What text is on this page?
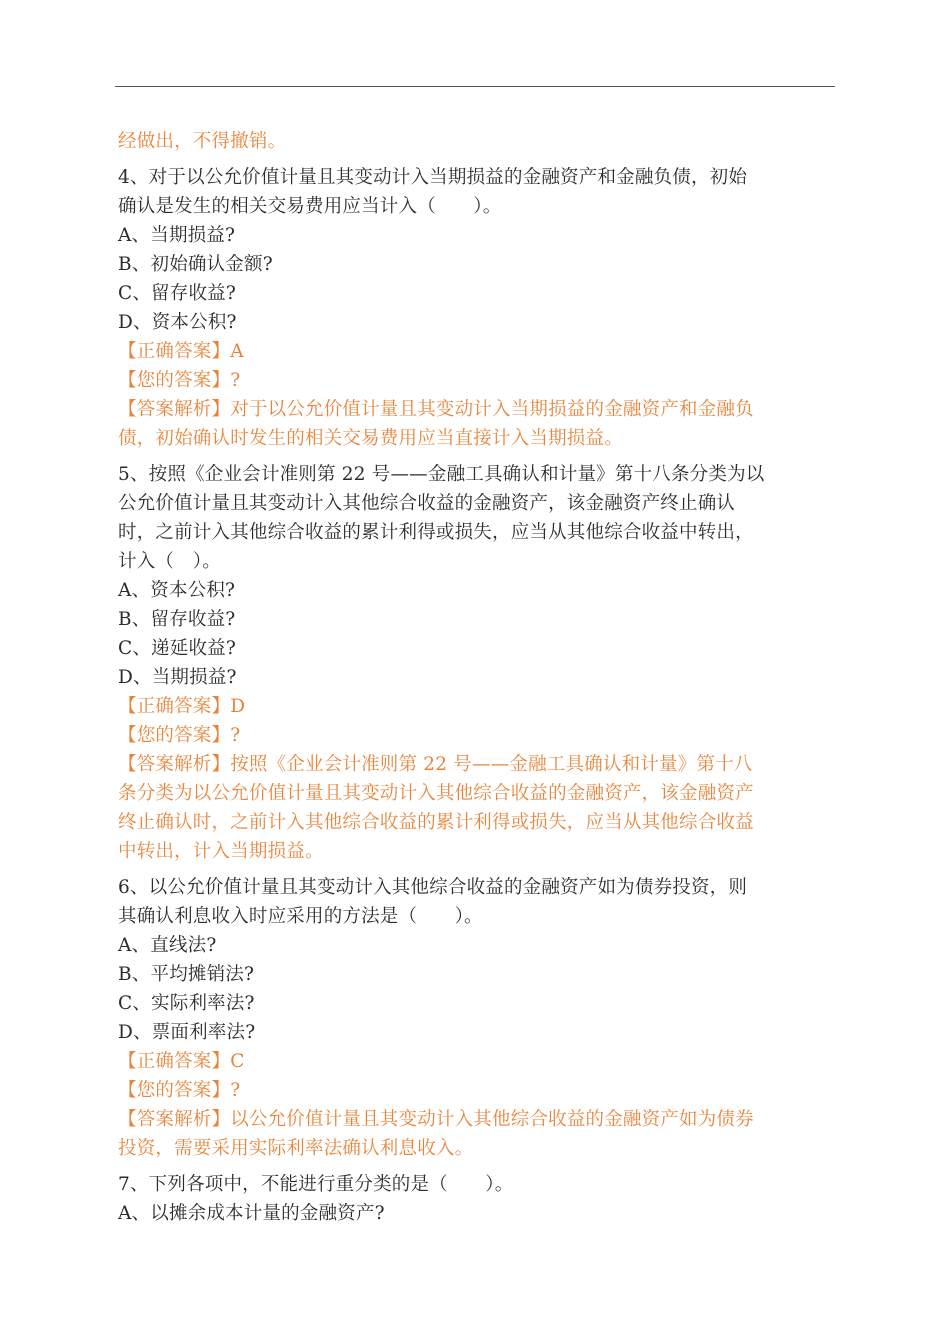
经做出，不得撤销。
4、对于以公允价值计量且其变动计入当期损益的金融资产和金融负债，初始
确认是发生的相关交易费用应当计入（　　）。
A、当期损益?
B、初始确认金额?
C、留存收益?
D、资本公积?
【正确答案】A
【您的答案】?
【答案解析】对于以公允价值计量且其变动计入当期损益的金融资产和金融负
债，初始确认时发生的相关交易费用应当直接计入当期损益。
5、按照《企业会计准则第 22 号——金融工具确认和计量》第十八条分类为以
公允价值计量且其变动计入其他综合收益的金融资产，该金融资产终止确认
时，之前计入其他综合收益的累计利得或损失，应当从其他综合收益中转出，
计入（　）。
A、资本公积?
B、留存收益?
C、递延收益?
D、当期损益?
【正确答案】D
【您的答案】?
【答案解析】按照《企业会计准则第 22 号——金融工具确认和计量》第十八
条分类为以公允价值计量且其变动计入其他综合收益的金融资产，该金融资产
终止确认时，之前计入其他综合收益的累计利得或损失，应当从其他综合收益
中转出，计入当期损益。
6、以公允价值计量且其变动计入其他综合收益的金融资产如为债券投资，则
其确认利息收入时应采用的方法是（　　）。
A、直线法?
B、平均摊销法?
C、实际利率法?
D、票面利率法?
【正确答案】C
【您的答案】?
【答案解析】以公允价值计量且其变动计入其他综合收益的金融资产如为债券
投资，需要采用实际利率法确认利息收入。
7、下列各项中，不能进行重分类的是（　　）。
A、以摊余成本计量的金融资产?
